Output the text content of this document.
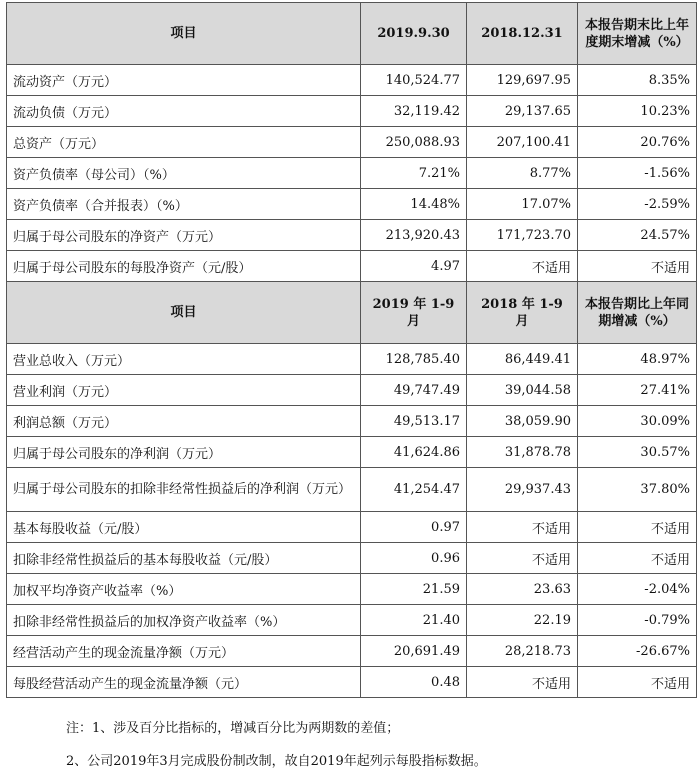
项目	2019.9.30	2018.12.31	本报告期末比上年度期末增减（%）
流动资产（万元）	140,524.77	129,697.95	8.35%
流动负债（万元）	32,119.42	29,137.65	10.23%
总资产（万元）	250,088.93	207,100.41	20.76%
资产负债率（母公司）（%）	7.21%	8.77%	-1.56%
资产负债率（合并报表）（%）	14.48%	17.07%	-2.59%
归属于母公司股东的净资产（万元）	213,920.43	171,723.70	24.57%
归属于母公司股东的每股净资产（元/股）	4.97	不适用	不适用
项目	2019 年 1-9 月	2018 年 1-9 月	本报告期比上年同期增减（%）
营业总收入（万元）	128,785.40	86,449.41	48.97%
营业利润（万元）	49,747.49	39,044.58	27.41%
利润总额（万元）	49,513.17	38,059.90	30.09%
归属于母公司股东的净利润（万元）	41,624.86	31,878.78	30.57%
归属于母公司股东的扣除非经常性损益后的净利润（万元）	41,254.47	29,937.43	37.80%
基本每股收益（元/股）	0.97	不适用	不适用
扣除非经常性损益后的基本每股收益（元/股）	0.96	不适用	不适用
加权平均净资产收益率（%）	21.59	23.63	-2.04%
扣除非经常性损益后的加权净资产收益率（%）	21.40	22.19	-0.79%
经营活动产生的现金流量净额（万元）	20,691.49	28,218.73	-26.67%
每股经营活动产生的现金流量净额（元）	0.48	不适用	不适用
注：1、涉及百分比指标的，增减百分比为两期数的差值；
2、公司2019年3月完成股份制改制，故自2019年起列示每股指标数据。
